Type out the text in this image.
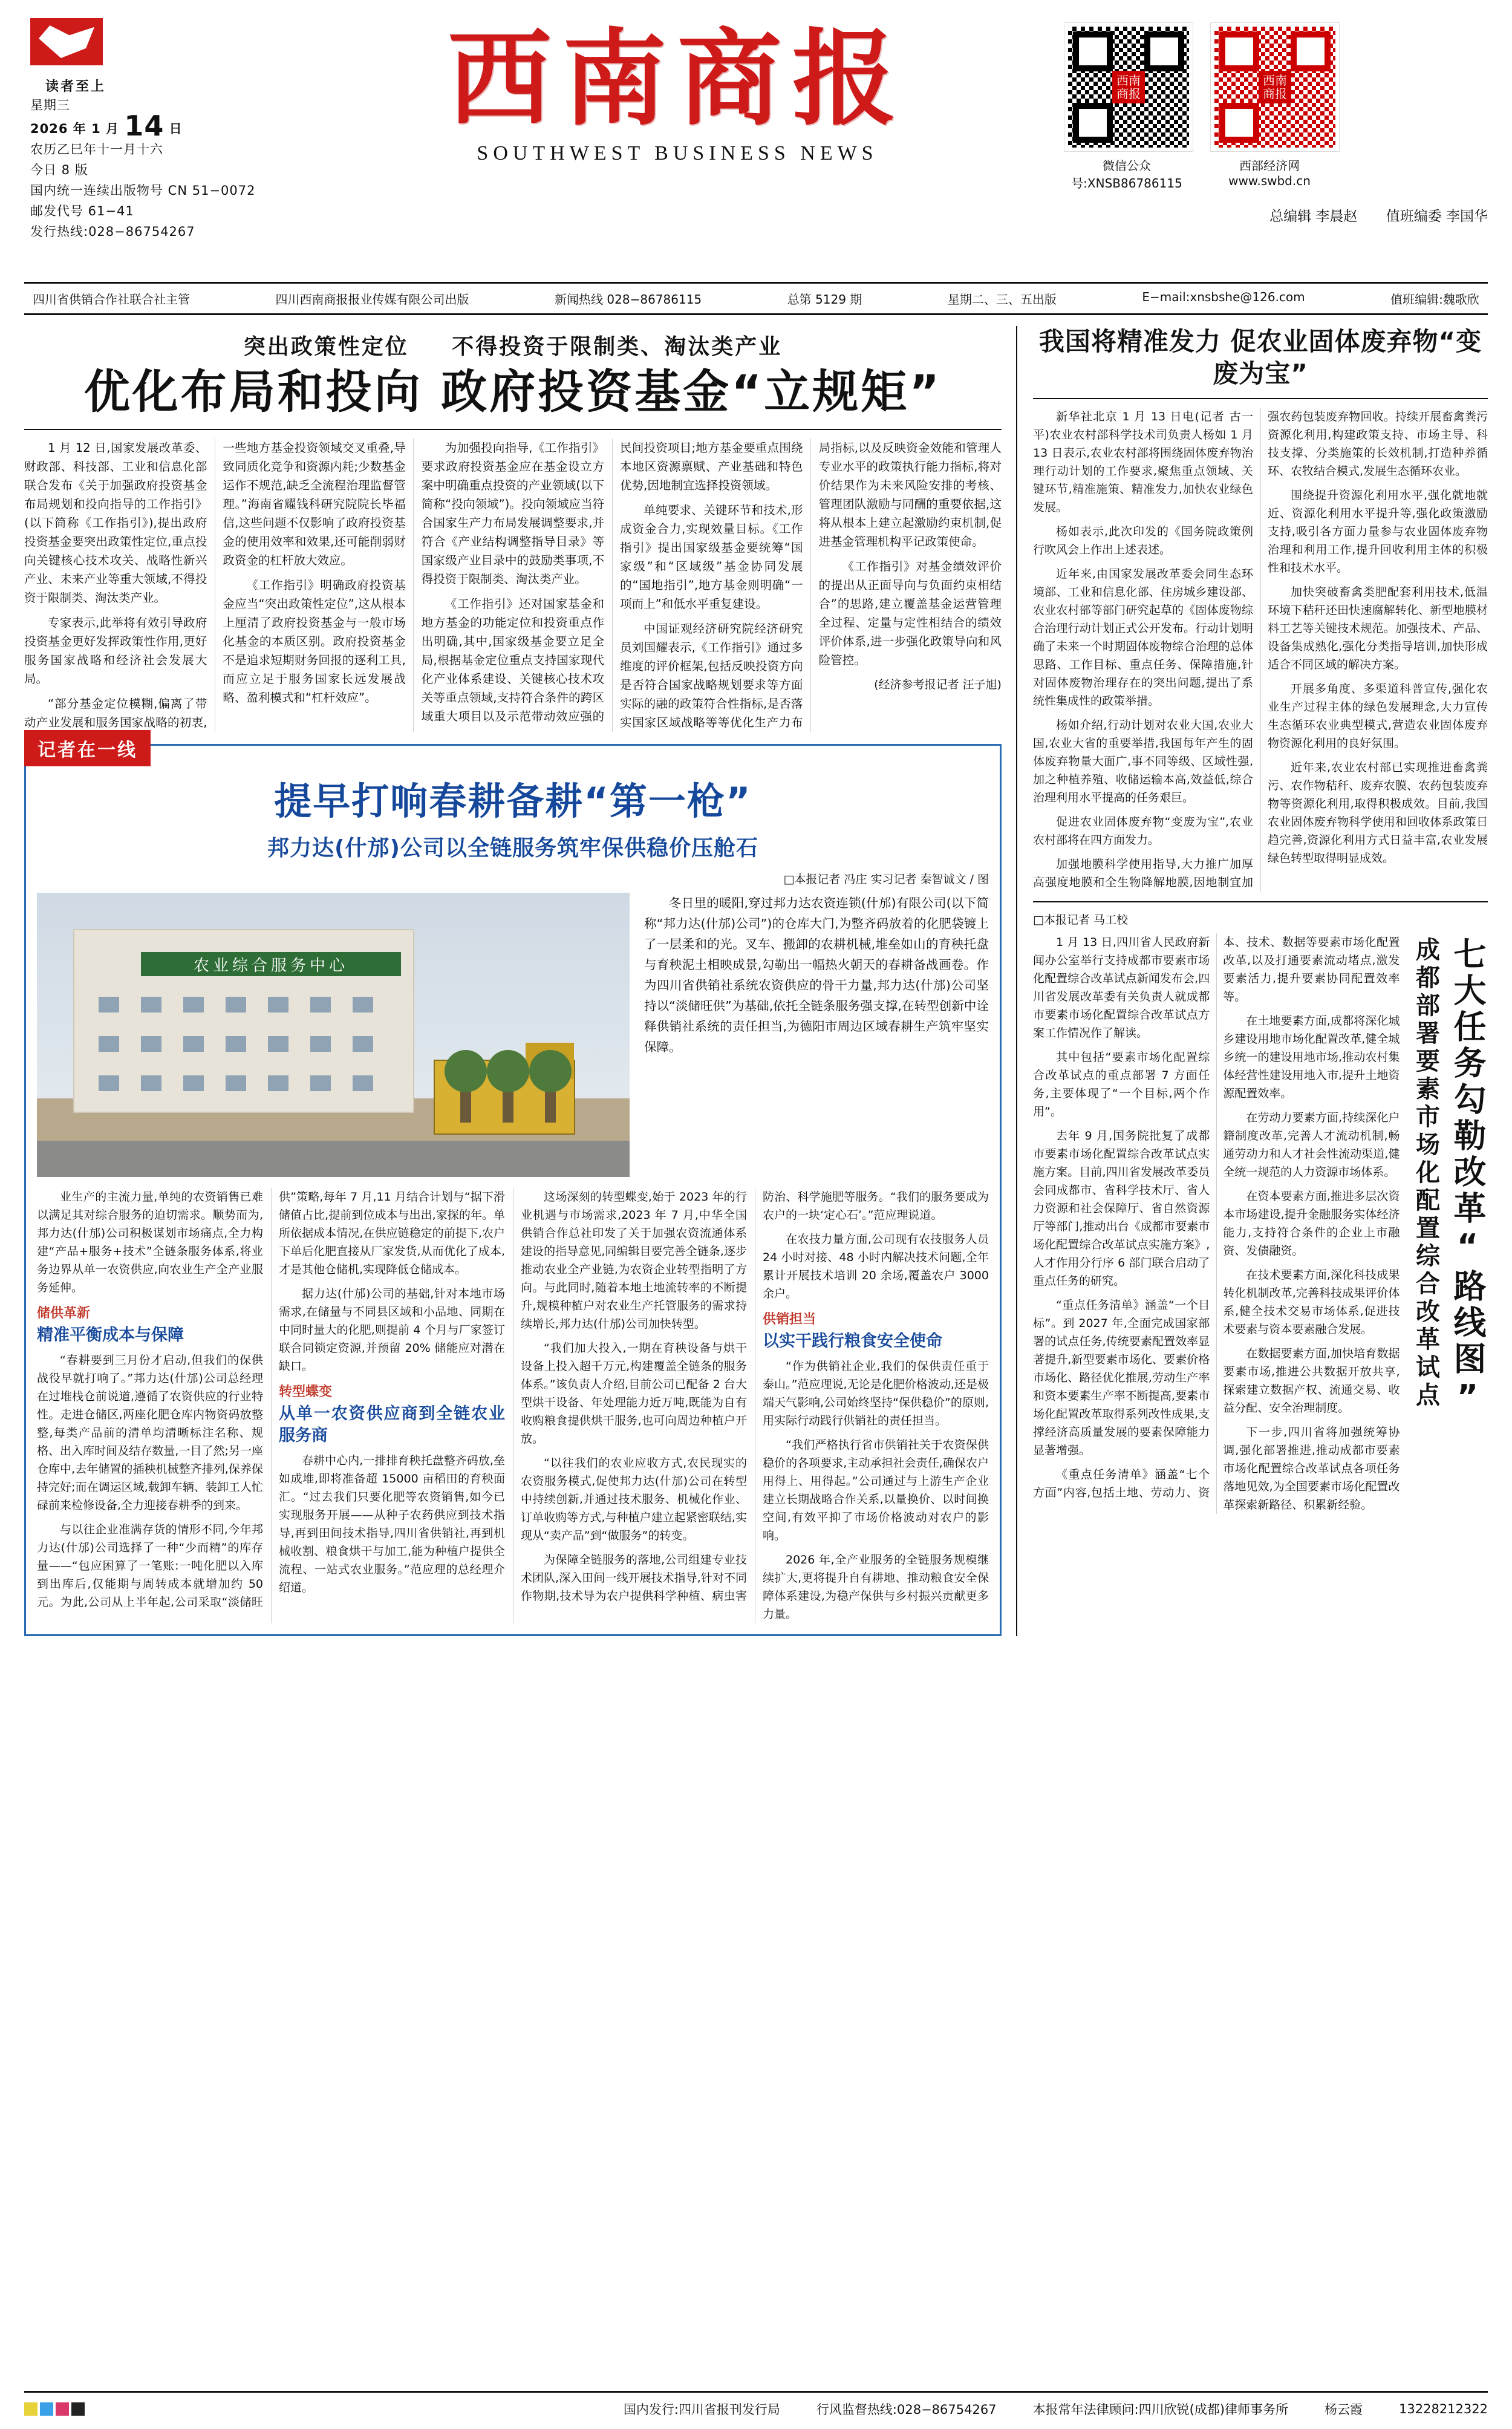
读者至上
星期三
2026 年 1 月 14 日
农历乙巳年十一月十六
今日 8 版
国内统一连续出版物号 CN 51−0072
邮发代号 61−41
发行热线:028−86754267
西南商报
SOUTHWEST BUSINESS NEWS
西南商报
西南商报
微信公众号:XNSB86786115
西部经济网 www.swbd.cn
总编辑 李晨赵 值班编委 李国华
四川省供销合作社联合社主管	四川西南商报报业传媒有限公司出版	新闻热线 028−86786115	总第 5129 期	星期二、三、五出版	E−mail:xnsbshe@126.com	值班编辑:魏歌欣
突出政策性定位 不得投资于限制类、淘汰类产业
优化布局和投向 政府投资基金“立规矩”

1 月 12 日,国家发展改革委、财政部、科技部、工业和信息化部联合发布《关于加强政府投资基金布局规划和投向指导的工作指引》(以下简称《工作指引》),提出政府投资基金要突出政策性定位,重点投向关键核心技术攻关、战略性新兴产业、未来产业等重大领域,不得投资于限制类、淘汰类产业。

专家表示,此举将有效引导政府投资基金更好发挥政策性作用,更好服务国家战略和经济社会发展大局。

“部分基金定位模糊,偏离了带动产业发展和服务国家战略的初衷,一些地方基金投资领域交叉重叠,导致同质化竞争和资源内耗;少数基金运作不规范,缺乏全流程治理监督管理。”海南省耀钱科研究院院长毕福信,这些问题不仅影响了政府投资基金的使用效率和效果,还可能削弱财政资金的杠杆放大效应。

《工作指引》明确政府投资基金应当“突出政策性定位”,这从根本上厘清了政府投资基金与一般市场化基金的本质区别。政府投资基金不是追求短期财务回报的逐利工具,而应立足于服务国家长远发展战略、盈利模式和“杠杆效应”。

为加强投向指导,《工作指引》要求政府投资基金应在基金设立方案中明确重点投资的产业领域(以下简称“投向领域”)。投向领域应当符合国家生产力布局发展调整要求,并符合《产业结构调整指导目录》等国家级产业目录中的鼓励类事项,不得投资于限制类、淘汰类产业。

《工作指引》还对国家基金和地方基金的功能定位和投资重点作出明确,其中,国家级基金要立足全局,根据基金定位重点支持国家现代化产业体系建设、关键核心技术攻关等重点领域,支持符合条件的跨区域重大项目以及示范带动效应强的民间投资项目;地方基金要重点围绕本地区资源禀赋、产业基础和特色优势,因地制宜选择投资领域。

单纯要求、关键环节和技术,形成资金合力,实现效量目标。《工作指引》提出国家级基金要统筹“国家级”和“区域级”基金协同发展的“国地指引”,地方基金则明确“一项而上”和低水平重复建设。

中国证观经济研究院经济研究员刘国耀表示,《工作指引》通过多维度的评价框架,包括反映投资方向是否符合国家战略规划要求等方面实际的融的政策符合性指标,是否落实国家区域战略等等优化生产力布局指标,以及反映资金效能和管理人专业水平的政策执行能力指标,将对价结果作为未来风险安排的考核、管理团队激励与同酬的重要依据,这将从根本上建立起激励约束机制,促进基金管理机构平记政策使命。

《工作指引》对基金绩效评价的提出从正面导向与负面约束相结合”的思路,建立覆盖基金运营管理全过程、定量与定性相结合的绩效评价体系,进一步强化政策导向和风险管控。

(经济参考报记者 汪子旭)
记者在一线
提早打响春耕备耕“第一枪”
邦力达(什邡)公司以全链服务筑牢保供稳价压舱石
□本报记者 冯庄 实习记者 秦智诚文 / 图
农业综合服务中心

冬日里的暖阳,穿过邦力达农资连锁(什邡)有限公司(以下简称“邦力达(什邡)公司”)的仓库大门,为整齐码放着的化肥袋镀上了一层柔和的光。叉车、搬卸的农耕机械,堆垒如山的育秧托盘与育秧泥土相映成景,勾勒出一幅热火朝天的春耕备战画卷。作为四川省供销社系统农资供应的骨干力量,邦力达(什邡)公司坚持以“淡储旺供”为基础,依托全链条服务强支撑,在转型创新中诠释供销社系统的责任担当,为德阳市周边区域春耕生产筑牢坚实保障。

业生产的主流力量,单纯的农资销售已难以满足其对综合服务的迫切需求。顺势而为,邦力达(什邡)公司积极谋划市场痛点,全力构建“产品+服务+技术”全链条服务体系,将业务边界从单一农资供应,向农业生产全产业服务延伸。

储供革新
精准平衡成本与保障

“春耕要到三月份才启动,但我们的保供战役早就打响了。”邦力达(什邡)公司总经理在过堆栈仓前说道,遵循了农资供应的行业特性。走进仓储区,两座化肥仓库内物资码放整整,每类产品前的清单均清晰标注名称、规格、出入库时间及结存数量,一目了然;另一座仓库中,去年储置的插秧机械整齐排列,保养保持完好;而在调运区域,载卸车辆、装卸工人忙碌前来检修设备,全力迎接春耕季的到来。

与以往企业准满存货的情形不同,今年邦力达(什邡)公司选择了一种“少而精”的库存量——“包应困算了一笔账:一吨化肥以入库到出库后,仅能期与周转成本就增加约 50 元。为此,公司从上半年起,公司采取“淡储旺供”策略,每年 7 月,11 月结合计划与“据下滑储值占比,提前到位成本与出出,家探的年。单所依据成本情况,在供应链稳定的前提下,农户下单后化肥直接从厂家发货,从而优化了成本,才是其他仓储机,实现降低仓储成本。

据力达(什邡)公司的基础,针对本地市场需求,在储量与不同县区域和小品地、同期在中同时量大的化肥,则提前 4 个月与厂家签订联合同锁定资源,并预留 20% 储能应对潜在缺口。

转型蝶变
从单一农资供应商到全链农业服务商

春耕中心内,一排排育秧托盘整齐码放,垒如成堆,即将准备超 15000 亩稻田的育秧面汇。“过去我们只要化肥等农资销售,如今已实现服务开展——从种子农药供应到技术指导,再到田间技术指导,四川省供销社,再到机械收割、粮食烘干与加工,能为种植户提供全流程、一站式农业服务。”范应理的总经理介绍道。

这场深刻的转型蝶变,始于 2023 年的行业机遇与市场需求,2023 年 7 月,中华全国供销合作总社印发了关于加强农资流通体系建设的指导意见,同编辑目要完善全链条,逐步推动农业全产业链,为农资企业转型指明了方向。与此同时,随着本地土地流转率的不断提升,规模种植户对农业生产托管服务的需求持续增长,邦力达(什邡)公司加快转型。

“我们加大投入,一期在育秧设备与烘干设备上投入超千万元,构建覆盖全链条的服务体系。”该负责人介绍,目前公司已配备 2 台大型烘干设备、年处理能力近万吨,既能为自有收购粮食提供烘干服务,也可向周边种植户开放。

“以往我们的农业应收方式,农民现实的农资服务模式,促使邦力达(什邡)公司在转型中持续创新,并通过技术服务、机械化作业、订单收购等方式,与种植户建立起紧密联结,实现从“卖产品”到“做服务”的转变。

为保障全链服务的落地,公司组建专业技术团队,深入田间一线开展技术指导,针对不同作物期,技术导为农户提供科学种植、病虫害防治、科学施肥等服务。“我们的服务要成为农户的一块‘定心石’。”范应理说道。

在农技力量方面,公司现有农技服务人员 24 小时对接、48 小时内解决技术问题,全年累计开展技术培训 20 余场,覆盖农户 3000 余户。

供销担当
以实干践行粮食安全使命

“作为供销社企业,我们的保供责任重于泰山。”范应理说,无论是化肥价格波动,还是极端天气影响,公司始终坚持“保供稳价”的原则,用实际行动践行供销社的责任担当。

“我们严格执行省市供销社关于农资保供稳价的各项要求,主动承担社会责任,确保农户用得上、用得起。”公司通过与上游生产企业建立长期战略合作关系,以量换价、以时间换空间,有效平抑了市场价格波动对农户的影响。

2026 年,全产业服务的全链服务规模继续扩大,更将提升自有耕地、推动粮食安全保障体系建设,为稳产保供与乡村振兴贡献更多力量。

我国将精准发力 促农业固体废弃物“变废为宝”

新华社北京 1 月 13 日电(记者 古一平)农业农村部科学技术司负责人杨如 1 月 13 日表示,农业农村部将围绕固体废弃物治理行动计划的工作要求,聚焦重点领域、关键环节,精准施策、精准发力,加快农业绿色发展。

杨如表示,此次印发的《国务院政策例行吹风会上作出上述表述。

近年来,由国家发展改革委会同生态环境部、工业和信息化部、住房城乡建设部、农业农村部等部门研究起草的《固体废物综合治理行动计划正式公开发布。行动计划明确了未来一个时期固体废物综合治理的总体思路、工作目标、重点任务、保障措施,针对固体废物治理存在的突出问题,提出了系统性集成性的政策举措。

杨如介绍,行动计划对农业大国,农业大国,农业大省的重要举措,我国每年产生的固体废弃物量大面广,事不同等级、区域性强,加之种植养殖、收储运输本高,效益低,综合治理利用水平提高的任务艰巨。

促进农业固体废弃物“变废为宝”,农业农村部将在四方面发力。

加强地膜科学使用指导,大力推广加厚高强度地膜和全生物降解地膜,因地制宜加强农药包装废弃物回收。持续开展畜禽粪污资源化利用,构建政策支持、市场主导、科技支撑、分类施策的长效机制,打造种养循环、农牧结合模式,发展生态循环农业。

围绕提升资源化利用水平,强化就地就近、资源化利用水平提升等,强化政策激励支持,吸引各方面力量参与农业固体废弃物治理和利用工作,提升回收利用主体的积极性和技术水平。

加快突破畜禽类肥配套利用技术,低温环境下秸秆还田快速腐解转化、新型地膜材料工艺等关键技术规范。加强技术、产品、设备集成熟化,强化分类指导培训,加快形成适合不同区域的解决方案。

开展多角度、多渠道科普宣传,强化农业生产过程主体的绿色发展理念,大力宣传生态循环农业典型模式,营造农业固体废弃物资源化利用的良好氛围。

近年来,农业农村部已实现推进畜禽粪污、农作物秸秆、废弃农膜、农药包装废弃物等资源化利用,取得积极成效。目前,我国农业固体废弃物科学使用和回收体系政策日趋完善,资源化利用方式日益丰富,农业发展绿色转型取得明显成效。

□本报记者 马工校

1 月 13 日,四川省人民政府新闻办公室举行支持成都市要素市场化配置综合改革试点新闻发布会,四川省发展改革委有关负责人就成都市要素市场化配置综合改革试点方案工作情况作了解读。

其中包括“要素市场化配置综合改革试点的重点部署 7 方面任务,主要体现了“一个目标,两个作用”。

去年 9 月,国务院批复了成都市要素市场化配置综合改革试点实施方案。目前,四川省发展改革委员会同成都市、省科学技术厅、省人力资源和社会保障厅、省自然资源厅等部门,推动出台《成都市要素市场化配置综合改革试点实施方案》,人才作用分行序 6 部门联合启动了重点任务的研究。

“重点任务清单》涵盖“一个目标”。到 2027 年,全面完成国家部署的试点任务,传统要素配置效率显著提升,新型要素市场化、要素价格市场化、路径优化推展,劳动生产率和资本要素生产率不断提高,要素市场化配置改革取得系列改性成果,支撑经济高质量发展的要素保障能力显著增强。

《重点任务清单》涵盖“七个方面”内容,包括土地、劳动力、资本、技术、数据等要素市场化配置改革,以及打通要素流动堵点,激发要素活力,提升要素协同配置效率等。

在土地要素方面,成都将深化城乡建设用地市场化配置改革,健全城乡统一的建设用地市场,推动农村集体经营性建设用地入市,提升土地资源配置效率。

在劳动力要素方面,持续深化户籍制度改革,完善人才流动机制,畅通劳动力和人才社会性流动渠道,健全统一规范的人力资源市场体系。

在资本要素方面,推进多层次资本市场建设,提升金融服务实体经济能力,支持符合条件的企业上市融资、发债融资。

在技术要素方面,深化科技成果转化机制改革,完善科技成果评价体系,健全技术交易市场体系,促进技术要素与资本要素融合发展。

在数据要素方面,加快培育数据要素市场,推进公共数据开放共享,探索建立数据产权、流通交易、收益分配、安全治理制度。

下一步,四川省将加强统筹协调,强化部署推进,推动成都市要素市场化配置综合改革试点各项任务落地见效,为全国要素市场化配置改革探索新路径、积累新经验。

成都部署要素市场化配置综合改革试点 七大任务勾勒改革“路线图”
国内发行:四川省报刊发行局	行风监督热线:028−86754267	本报常年法律顾问:四川欣锐(成都)律师事务所	杨云霞	13228212322
